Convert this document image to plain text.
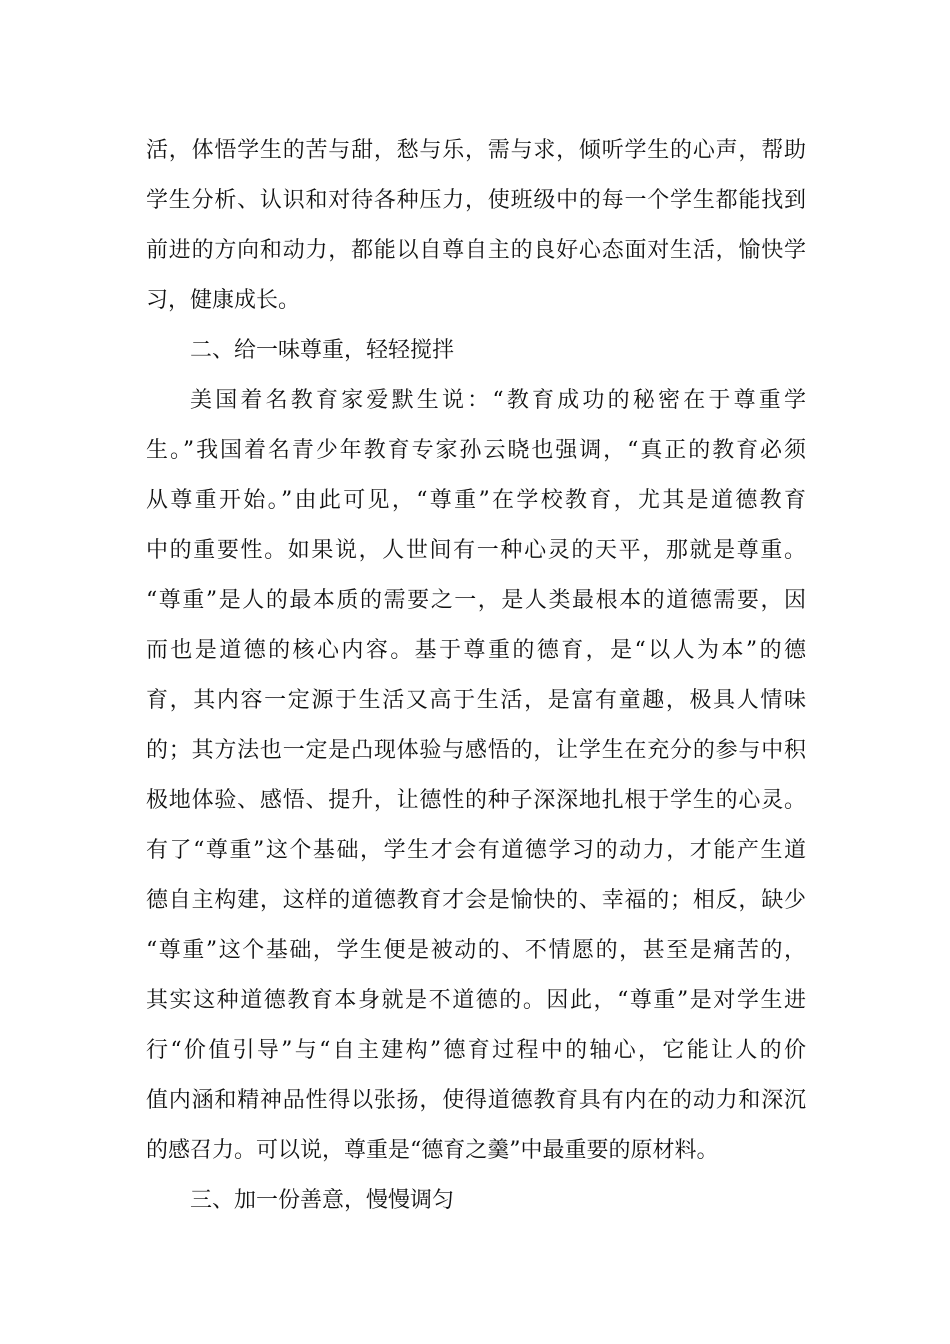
活，体悟学生的苦与甜，愁与乐，需与求，倾听学生的心声，帮助
学生分析、认识和对待各种压力，使班级中的每一个学生都能找到
前进的方向和动力，都能以自尊自主的良好心态面对生活，愉快学
习，健康成长。
二、给一味尊重，轻轻搅拌
美国着名教育家爱默生说：“教育成功的秘密在于尊重学
生。”我国着名青少年教育专家孙云晓也强调，“真正的教育必须
从尊重开始。”由此可见，“尊重”在学校教育，尤其是道德教育
中的重要性。如果说，人世间有一种心灵的天平，那就是尊重。
“尊重”是人的最本质的需要之一，是人类最根本的道德需要，因
而也是道德的核心内容。基于尊重的德育，是“以人为本”的德
育，其内容一定源于生活又高于生活，是富有童趣，极具人情味
的；其方法也一定是凸现体验与感悟的，让学生在充分的参与中积
极地体验、感悟、提升，让德性的种子深深地扎根于学生的心灵。
有了“尊重”这个基础，学生才会有道德学习的动力，才能产生道
德自主构建，这样的道德教育才会是愉快的、幸福的；相反，缺少
“尊重”这个基础，学生便是被动的、不情愿的，甚至是痛苦的，
其实这种道德教育本身就是不道德的。因此，“尊重”是对学生进
行“价值引导”与“自主建构”德育过程中的轴心，它能让人的价
值内涵和精神品性得以张扬，使得道德教育具有内在的动力和深沉
的感召力。可以说，尊重是“德育之羹”中最重要的原材料。
三、加一份善意，慢慢调匀
